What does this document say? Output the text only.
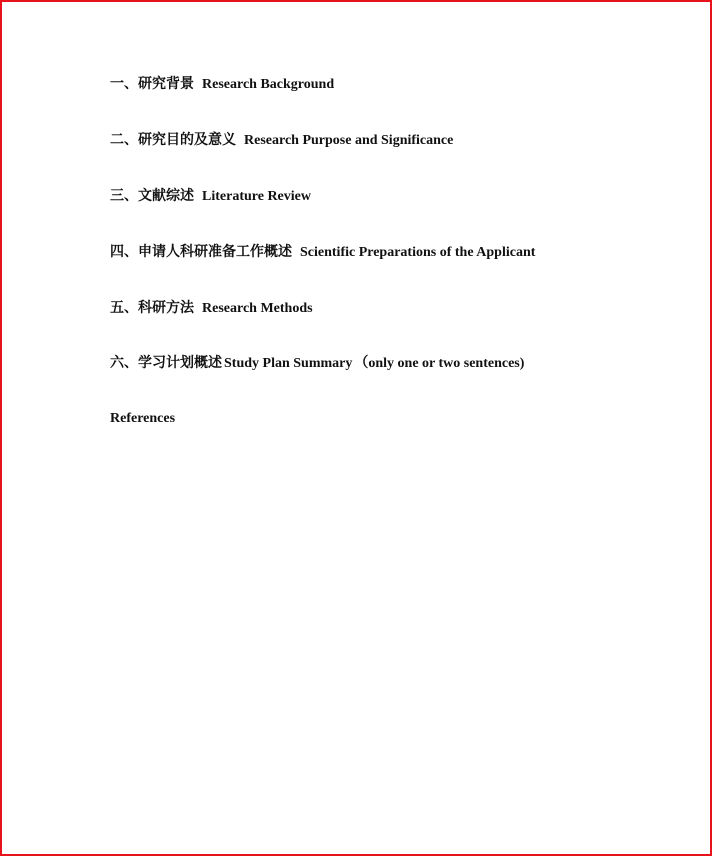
一、研究背景 Research Background

二、研究目的及意义 Research Purpose and Significance

三、文献综述 Literature Review

四、申请人科研准备工作概述 Scientific Preparations of the Applicant

五、科研方法 Research Methods

六、学习计划概述 Study Plan Summary （only one or two sentences)

References
